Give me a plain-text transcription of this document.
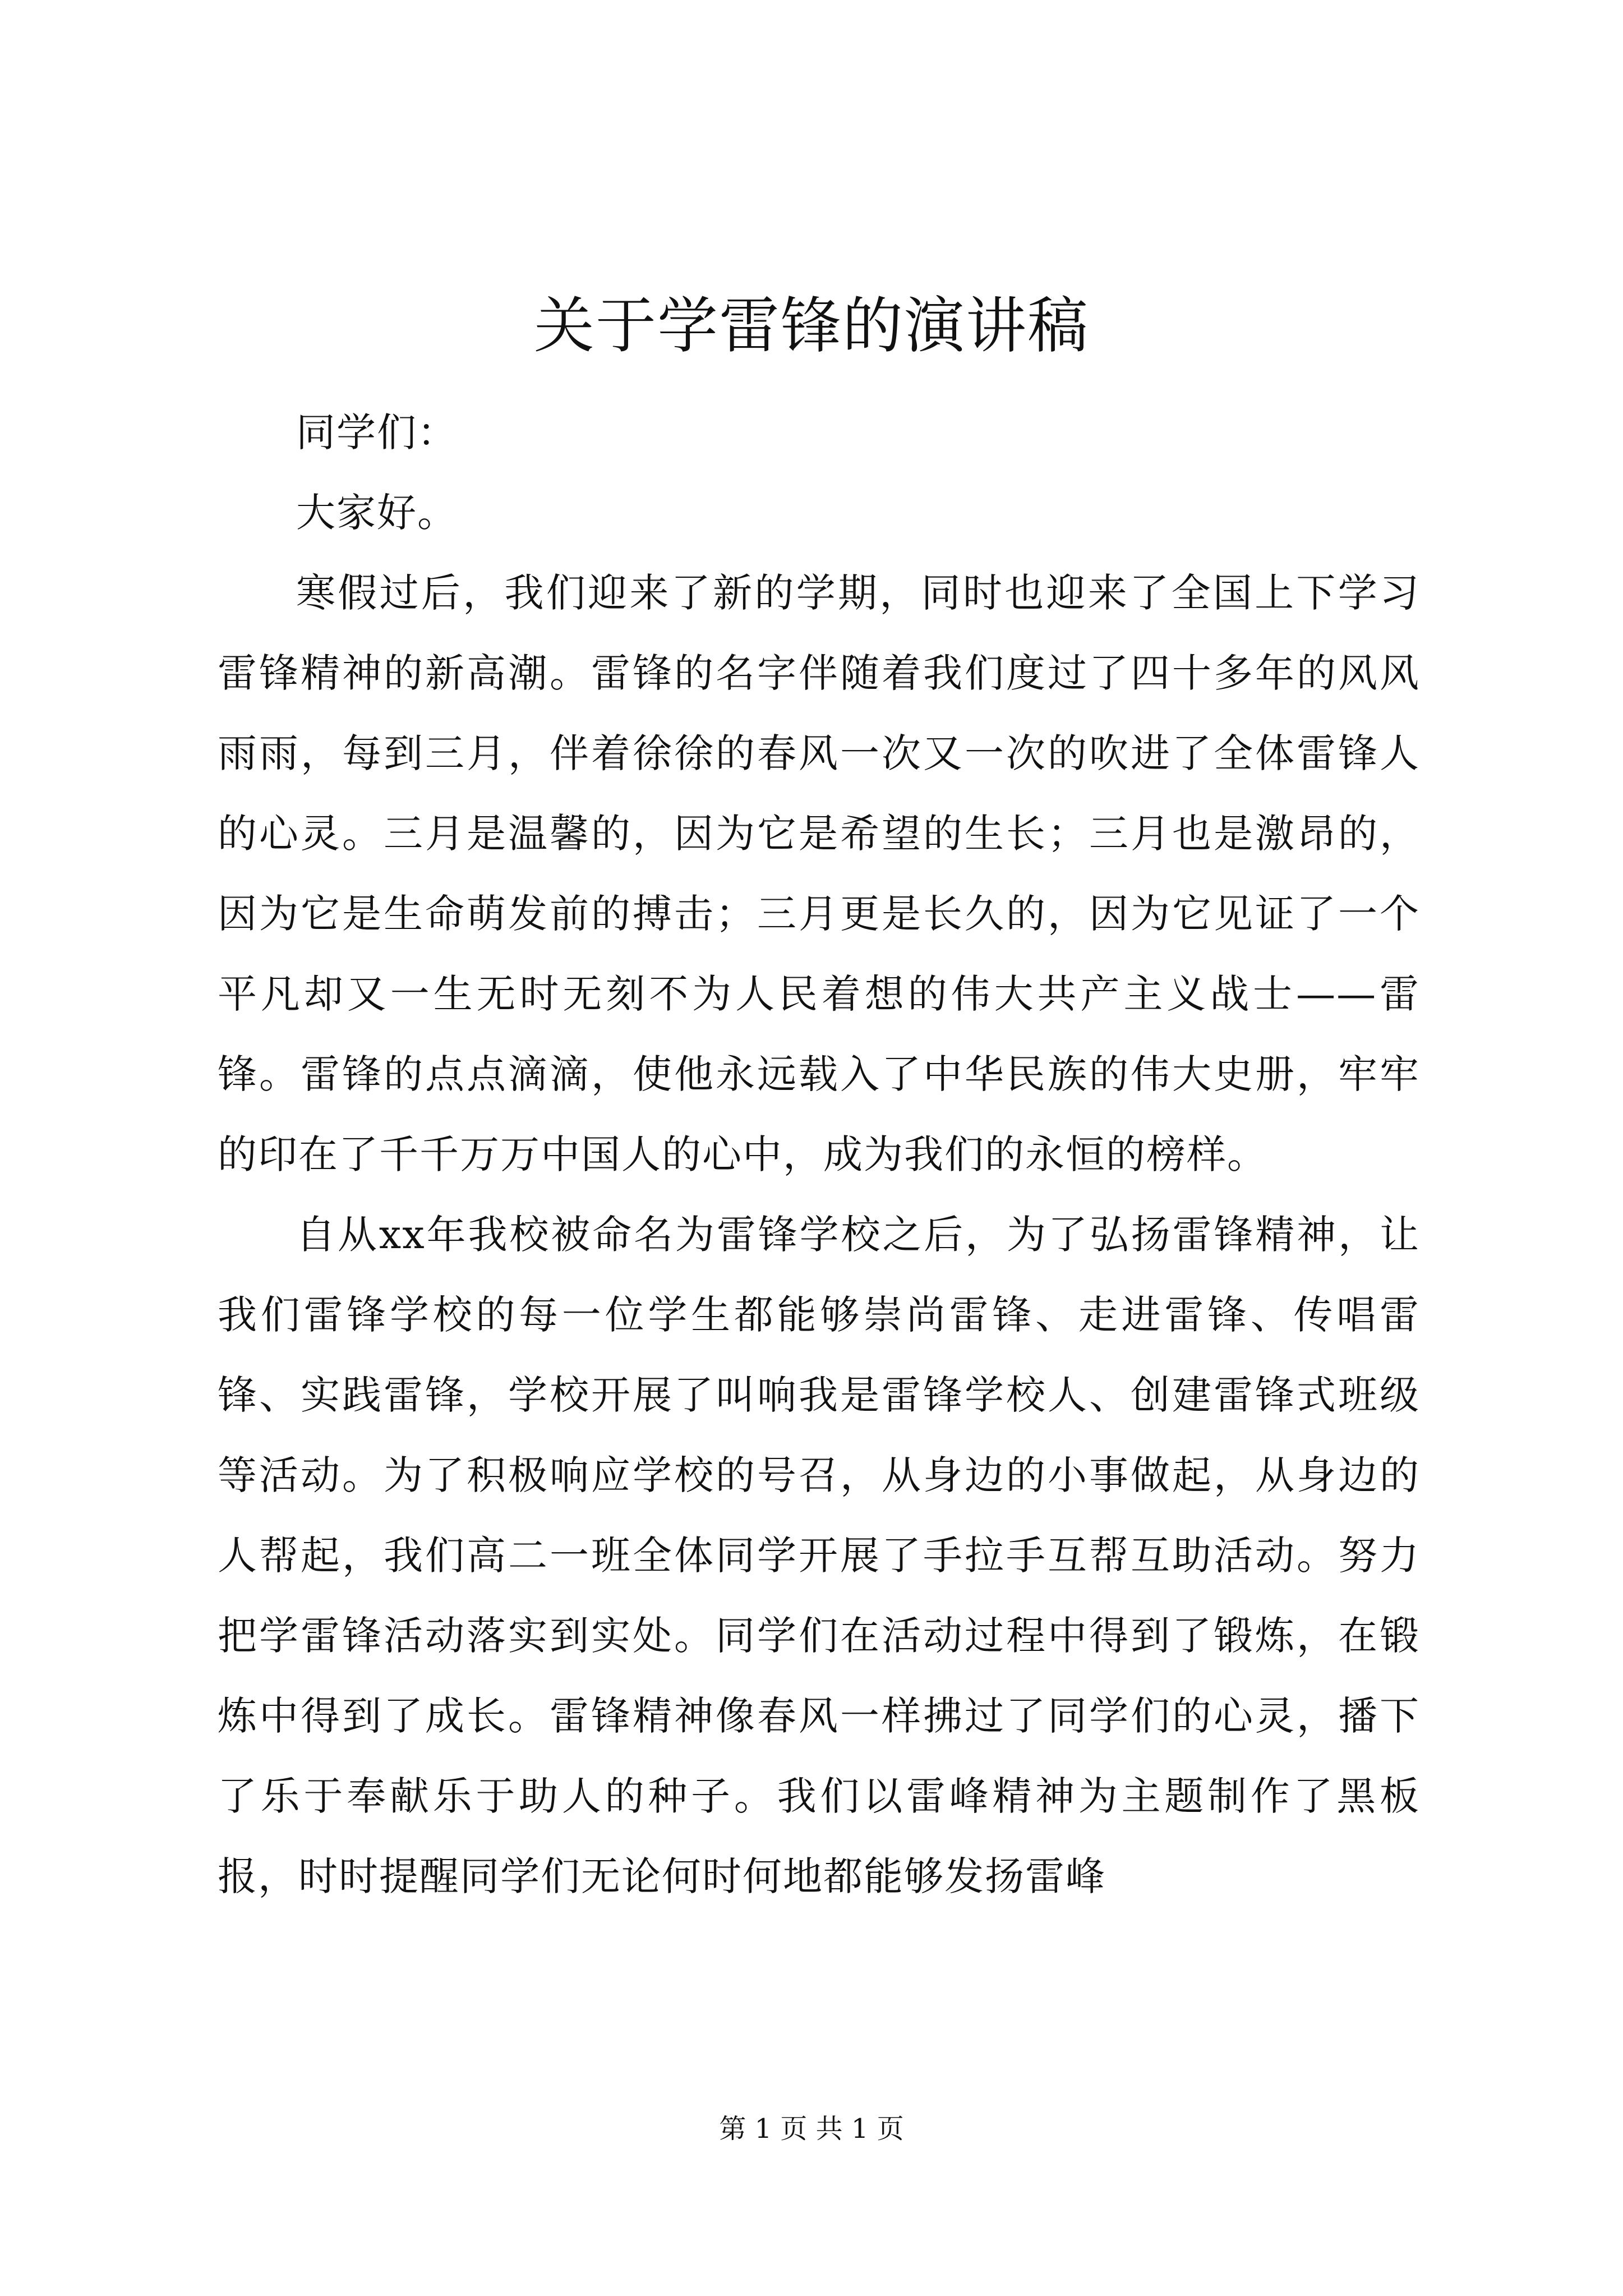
关于学雷锋的演讲稿

同学们：

大家好。

寒假过后，我们迎来了新的学期，同时也迎来了全国上下学习雷锋精神的新高潮。雷锋的名字伴随着我们度过了四十多年的风风雨雨，每到三月，伴着徐徐的春风一次又一次的吹进了全体雷锋人的心灵。三月是温馨的，因为它是希望的生长；三月也是激昂的，因为它是生命萌发前的搏击；三月更是长久的，因为它见证了一个平凡却又一生无时无刻不为人民着想的伟大共产主义战士——雷锋。雷锋的点点滴滴，使他永远载入了中华民族的伟大史册，牢牢的印在了千千万万中国人的心中，成为我们的永恒的榜样。

自从xx年我校被命名为雷锋学校之后，为了弘扬雷锋精神，让我们雷锋学校的每一位学生都能够崇尚雷锋、走进雷锋、传唱雷锋、实践雷锋，学校开展了叫响我是雷锋学校人、创建雷锋式班级等活动。为了积极响应学校的号召，从身边的小事做起，从身边的人帮起，我们高二一班全体同学开展了手拉手互帮互助活动。努力把学雷锋活动落实到实处。同学们在活动过程中得到了锻炼，在锻炼中得到了成长。雷锋精神像春风一样拂过了同学们的心灵，播下了乐于奉献乐于助人的种子。我们以雷峰精神为主题制作了黑板报，时时提醒同学们无论何时何地都能够发扬雷峰

第 1 页 共 1 页
